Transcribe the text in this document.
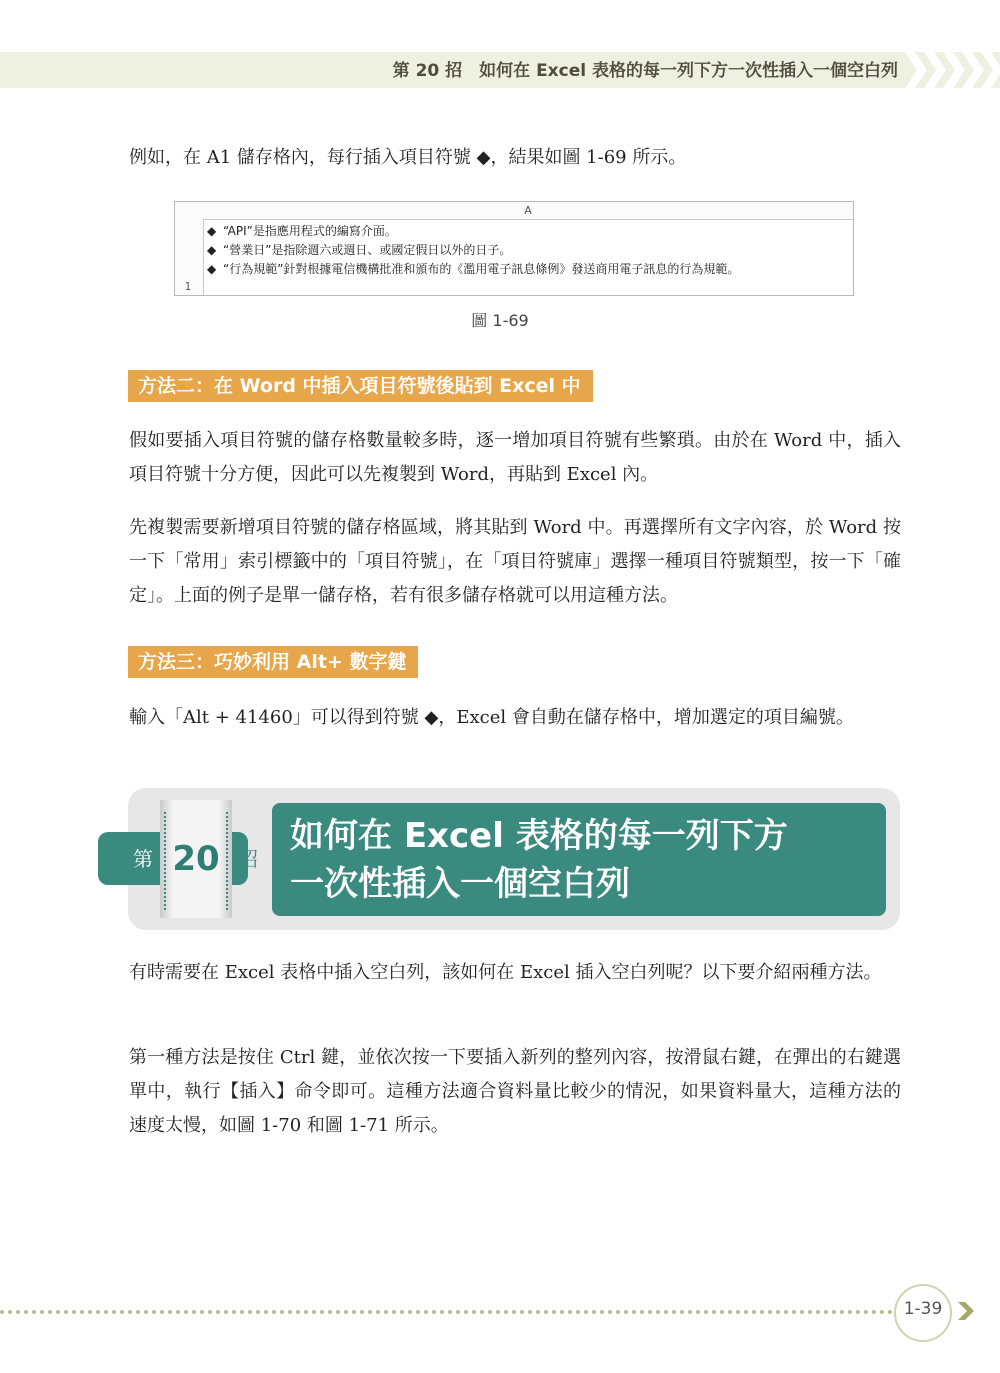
第 20 招　如何在 Excel 表格的每一列下方一次性插入一個空白列

例如，在 A1 儲存格內，每行插入項目符號 ◆，結果如圖 1-69 所示。

A
1
◆ “API”是指應用程式的編寫介面。
◆ “營業日”是指除週六或週日、或國定假日以外的日子。
◆ “行為規範”針對根據電信機構批准和頒布的《濫用電子訊息條例》發送商用電子訊息的行為規範。
圖 1-69
方法二：在 Word 中插入項目符號後貼到 Excel 中

假如要插入項目符號的儲存格數量較多時，逐一增加項目符號有些繁瑣。由於在 Word 中，插入項目符號十分方便，因此可以先複製到 Word，再貼到 Excel 內。

先複製需要新增項目符號的儲存格區域，將其貼到 Word 中。再選擇所有文字內容，於 Word 按一下「常用」索引標籤中的「項目符號」，在「項目符號庫」選擇一種項目符號類型，按一下「確定」。上面的例子是單一儲存格，若有很多儲存格就可以用這種方法。

方法三：巧妙利用 Alt+ 數字鍵

輸入「Alt + 41460」可以得到符號 ◆，Excel 會自動在儲存格中，增加選定的項目編號。

第 20 招
如何在 Excel 表格的每一列下方
一次性插入一個空白列

有時需要在 Excel 表格中插入空白列，該如何在 Excel 插入空白列呢？以下要介紹兩種方法。

第一種方法是按住 Ctrl 鍵，並依次按一下要插入新列的整列內容，按滑鼠右鍵，在彈出的右鍵選單中，執行【插入】命令即可。這種方法適合資料量比較少的情況，如果資料量大，這種方法的速度太慢，如圖 1-70 和圖 1-71 所示。

1-39
